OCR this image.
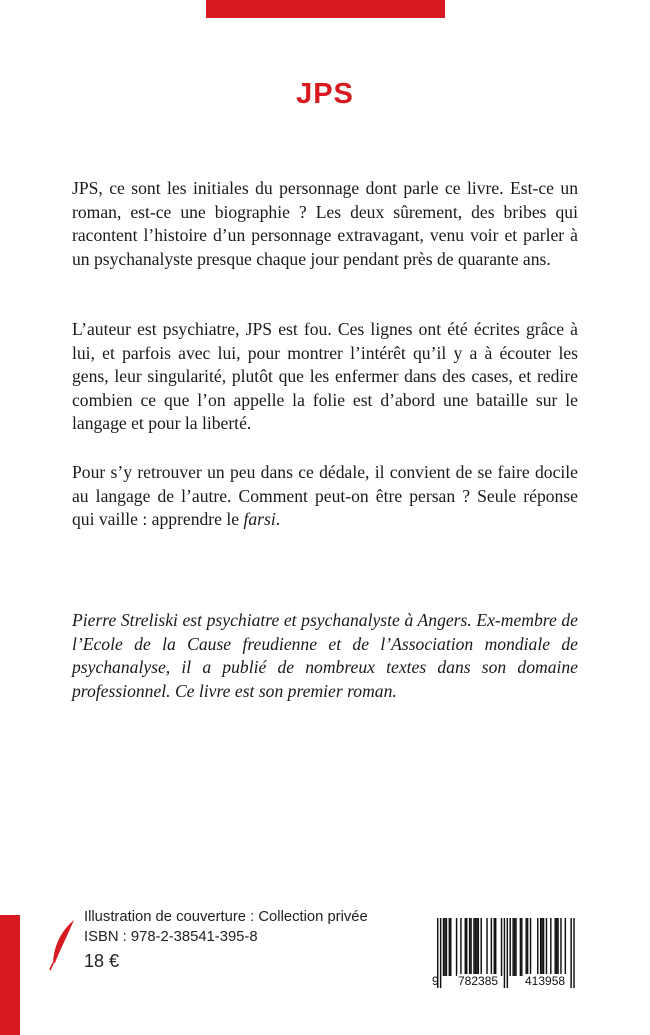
JPS

JPS, ce sont les initiales du personnage dont parle ce livre. Est-ce un roman, est-ce une biographie ? Les deux sûrement, des bribes qui racontent l’histoire d’un personnage extravagant, venu voir et parler à un psychanalyste presque chaque jour pendant près de quarante ans.

L’auteur est psychiatre, JPS est fou. Ces lignes ont été écrites grâce à lui, et parfois avec lui, pour montrer l’intérêt qu’il y a à écouter les gens, leur singularité, plutôt que les enfermer dans des cases, et redire combien ce que l’on appelle la folie est d’abord une bataille sur le langage et pour la liberté.

Pour s’y retrouver un peu dans ce dédale, il convient de se faire docile au langage de l’autre. Comment peut-on être persan ? Seule réponse qui vaille : apprendre le farsi.

Pierre Streliski est psychiatre et psychanalyste à Angers. Ex-membre de l’Ecole de la Cause freudienne et de l’Association mondiale de psychanalyse, il a publié de nombreux textes dans son domaine professionnel. Ce livre est son premier roman.

Illustration de couverture : Collection privée
ISBN : 978-2-38541-395-8
18 €
9 782385 413958
